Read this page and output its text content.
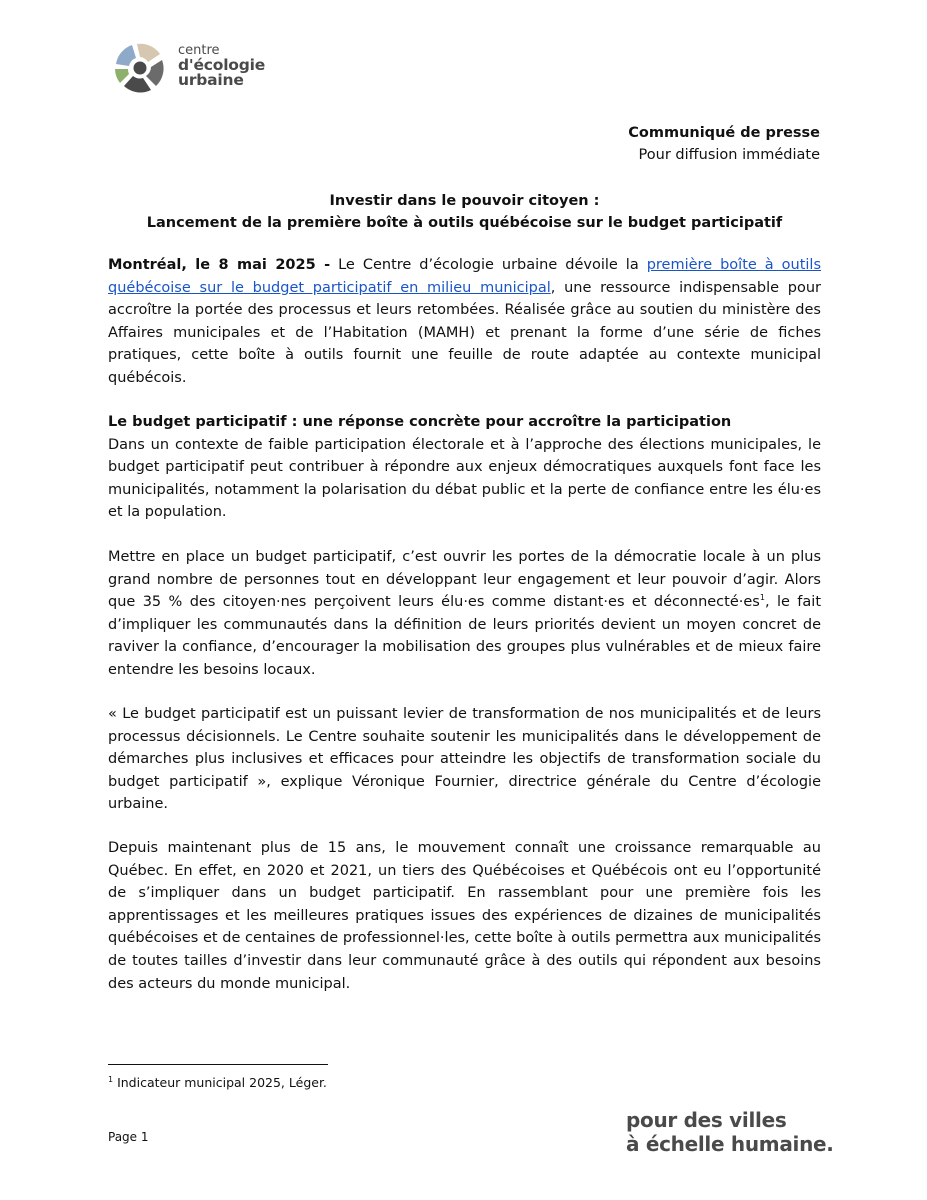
centre
d'écologie
urbaine
Communiqué de presse
Pour diffusion immédiate
Investir dans le pouvoir citoyen :
Lancement de la première boîte à outils québécoise sur le budget participatif

Montréal, le 8 mai 2025 - Le Centre d’écologie urbaine dévoile la première boîte à outils québécoise sur le budget participatif en milieu municipal, une ressource indispensable pour accroître la portée des processus et leurs retombées. Réalisée grâce au soutien du ministère des Affaires municipales et de l’Habitation (MAMH) et prenant la forme d’une série de fiches pratiques, cette boîte à outils fournit une feuille de route adaptée au contexte municipal québécois.

Le budget participatif : une réponse concrète pour accroître la participation

Dans un contexte de faible participation électorale et à l’approche des élections municipales, le budget participatif peut contribuer à répondre aux enjeux démocratiques auxquels font face les municipalités, notamment la polarisation du débat public et la perte de confiance entre les élu·es et la population.

Mettre en place un budget participatif, c’est ouvrir les portes de la démocratie locale à un plus grand nombre de personnes tout en développant leur engagement et leur pouvoir d’agir. Alors que 35 % des citoyen·nes perçoivent leurs élu·es comme distant·es et $déconnecté\cdot es^1$, le fait d’impliquer les communautés dans la définition de leurs priorités devient un moyen concret de raviver la confiance, d’encourager la mobilisation des groupes plus vulnérables et de mieux faire entendre les besoins locaux.

« Le budget participatif est un puissant levier de transformation de nos municipalités et de leurs processus décisionnels. Le Centre souhaite soutenir les municipalités dans le développement de démarches plus inclusives et efficaces pour atteindre les objectifs de transformation sociale du budget participatif », explique Véronique Fournier, directrice générale du Centre d’écologie urbaine.

Depuis maintenant plus de 15 ans, le mouvement connaît une croissance remarquable au Québec. En effet, en 2020 et 2021, un tiers des Québécoises et Québécois ont eu l’opportunité de s’impliquer dans un budget participatif. En rassemblant pour une première fois les apprentissages et les meilleures pratiques issues des expériences de dizaines de municipalités québécoises et de centaines de professionnel·les, cette boîte à outils permettra aux municipalités de toutes tailles d’investir dans leur communauté grâce à des outils qui répondent aux besoins des acteurs du monde municipal.

$^1$ Indicateur municipal 2025, Léger.
Page 1
pour des villes
à échelle humaine.
